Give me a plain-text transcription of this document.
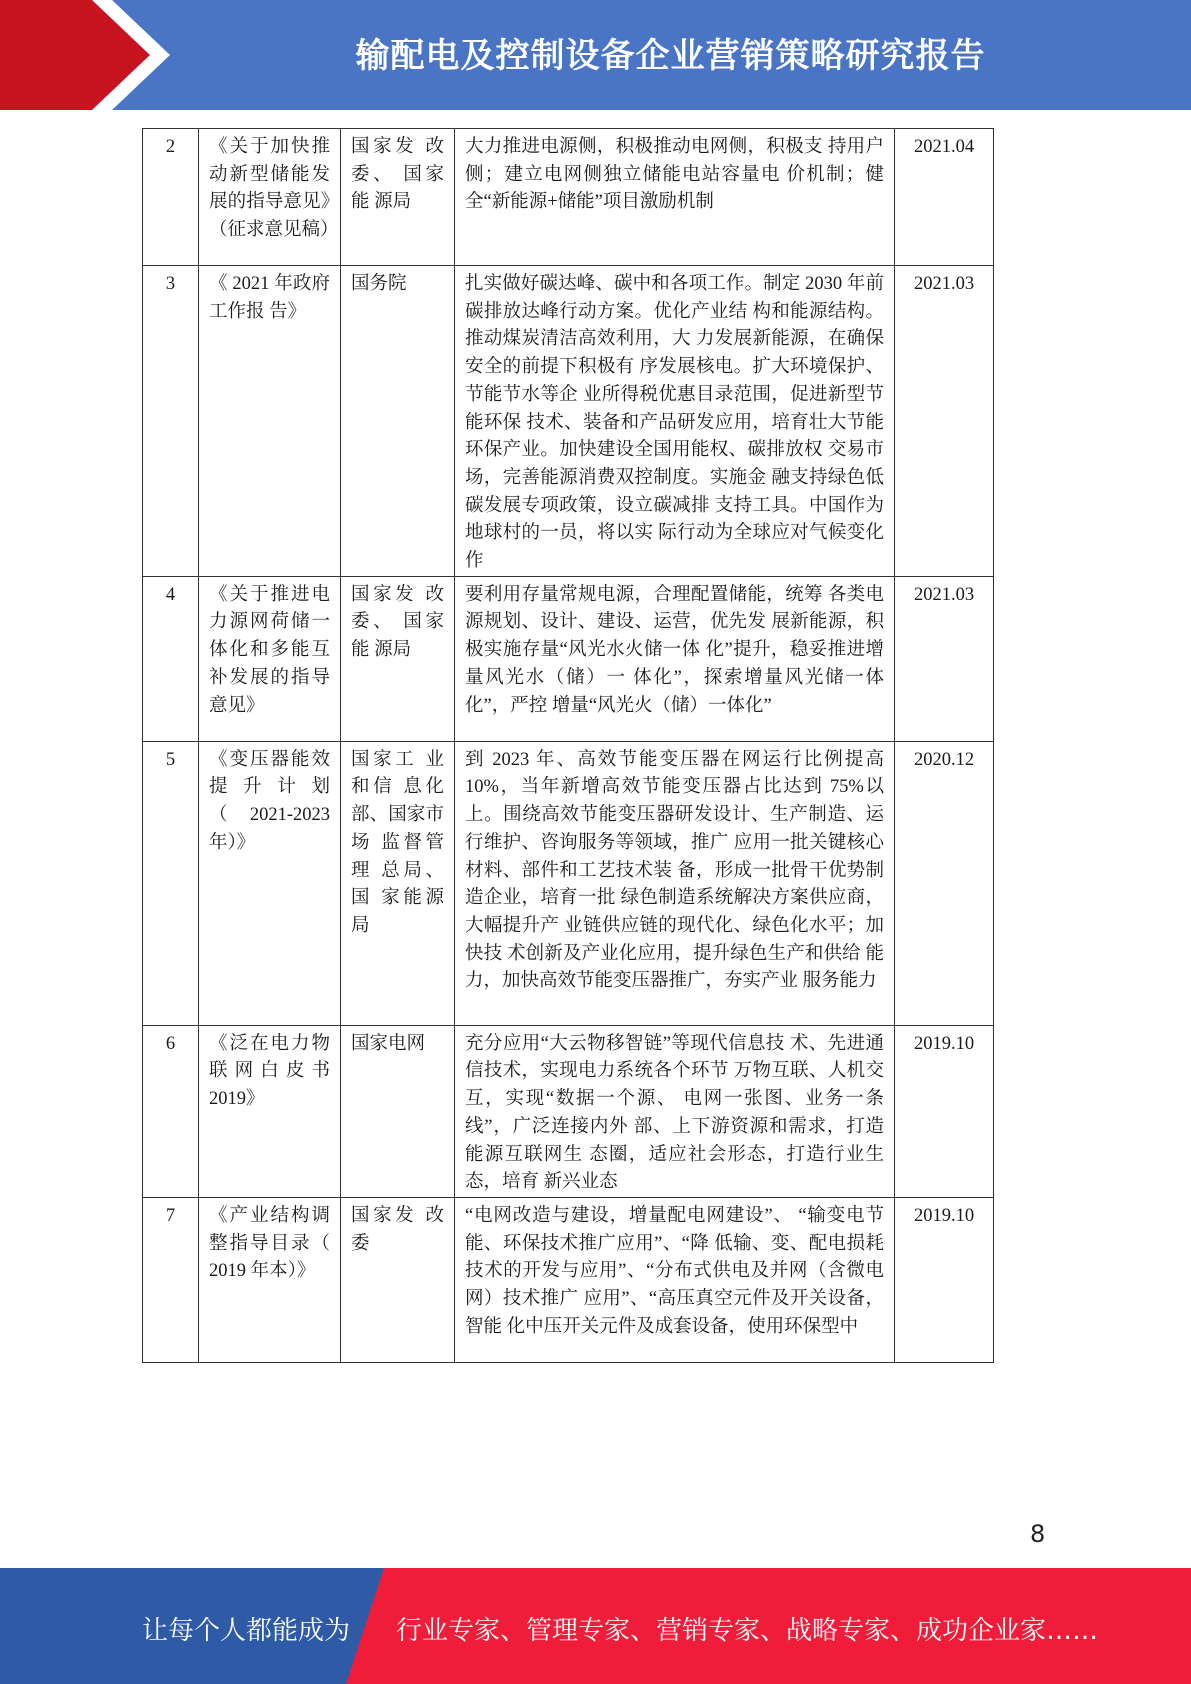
输配电及控制设备企业营销策略研究报告
2	《关于加快推动新型储能发展的指导意见》（征求意见稿）	国家发 改委、 国家能 源局	大力推进电源侧，积极推动电网侧，积极支 持用户侧；建立电网侧独立储能电站容量电 价机制；健全“新能源+储能”项目激励机制	2021.04
3	《 2021 年政府工作报 告》	国务院	扎实做好碳达峰、碳中和各项工作。制定 2030 年前碳排放达峰行动方案。优化产业结 构和能源结构。推动煤炭清洁高效利用，大 力发展新能源，在确保安全的前提下积极有 序发展核电。扩大环境保护、节能节水等企 业所得税优惠目录范围，促进新型节能环保 技术、装备和产品研发应用，培育壮大节能 环保产业。加快建设全国用能权、碳排放权 交易市场，完善能源消费双控制度。实施金 融支持绿色低碳发展专项政策，设立碳减排 支持工具。中国作为地球村的一员，将以实 际行动为全球应对气候变化作	2021.03
4	《关于推进电力源网荷储一体化和多能互补发展的指导意见》	国家发 改委、 国家能 源局	要利用存量常规电源，合理配置储能，统筹 各类电源规划、设计、建设、运营，优先发 展新能源，积极实施存量“风光水火储一体 化”提升，稳妥推进增量风光水（储）一 体化”，探索增量风光储一体化”，严控 增量“风光火（储）一体化”	2021.03
5	《变压器能效提升计划（2021-2023 年）》	国家工 业和信 息化 部、国家市场 监督管 理 总局、国 家能源 局	到 2023 年、高效节能变压器在网运行比例提高 10%，当年新增高效节能变压器占比达到 75%以上。围绕高效节能变压器研发设计、生产制造、运行维护、咨询服务等领域，推广 应用一批关键核心材料、部件和工艺技术装 备，形成一批骨干优势制造企业，培育一批 绿色制造系统解决方案供应商，大幅提升产 业链供应链的现代化、绿色化水平；加快技 术创新及产业化应用，提升绿色生产和供给 能力，加快高效节能变压器推广，夯实产业 服务能力	2020.12
6	《泛在电力物联网白皮书2019》	国家电网	充分应用“大云物移智链”等现代信息技 术、先进通信技术，实现电力系统各个环节 万物互联、人机交互，实现“数据一个源、 电网一张图、业务一条线”，广泛连接内外 部、上下游资源和需求，打造能源互联网生 态圈，适应社会形态，打造行业生态，培育 新兴业态	2019.10
7	《产业结构调整指导目录（ 2019 年本）》	国家发 改委	“电网改造与建设，增量配电网建设”、 “输变电节能、环保技术推广应用”、“降 低输、变、配电损耗技术的开发与应用”、“分布式供电及并网（含微电网）技术推广 应用”、“高压真空元件及开关设备，智能 化中压开关元件及成套设备，使用环保型中	2019.10
8
让每个人都能成为 行业专家、管理专家、营销专家、战略专家、成功企业家……
